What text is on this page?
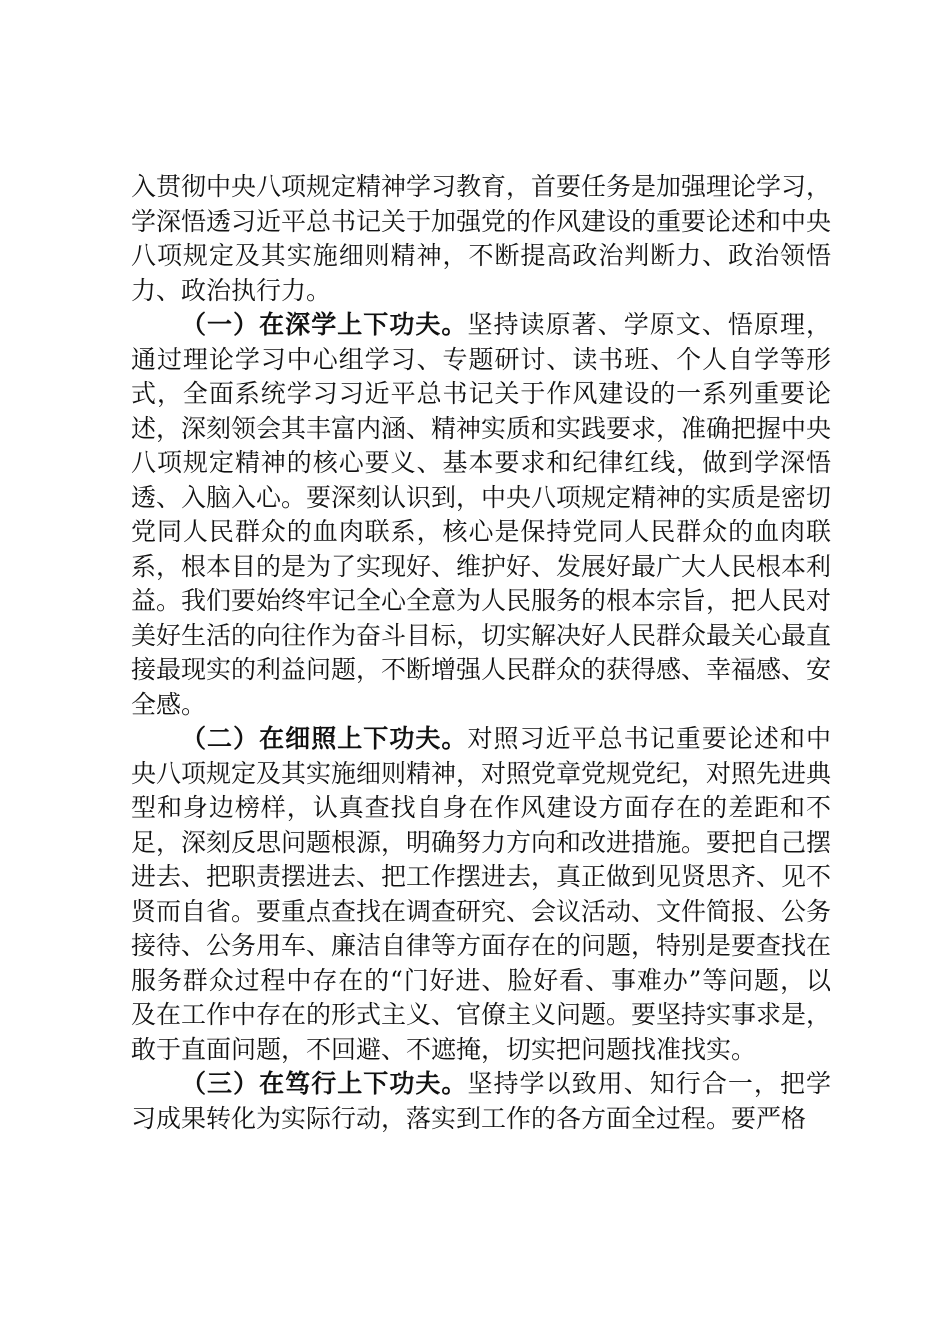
入贯彻中央八项规定精神学习教育，首要任务是加强理论学习，学深悟透习近平总书记关于加强党的作风建设的重要论述和中央八项规定及其实施细则精神，不断提高政治判断力、政治领悟力、政治执行力。

（一）在深学上下功夫。坚持读原著、学原文、悟原理，通过理论学习中心组学习、专题研讨、读书班、个人自学等形式，全面系统学习习近平总书记关于作风建设的一系列重要论述，深刻领会其丰富内涵、精神实质和实践要求，准确把握中央八项规定精神的核心要义、基本要求和纪律红线，做到学深悟透、入脑入心。要深刻认识到，中央八项规定精神的实质是密切党同人民群众的血肉联系，核心是保持党同人民群众的血肉联系，根本目的是为了实现好、维护好、发展好最广大人民根本利益。我们要始终牢记全心全意为人民服务的根本宗旨，把人民对美好生活的向往作为奋斗目标，切实解决好人民群众最关心最直接最现实的利益问题，不断增强人民群众的获得感、幸福感、安全感。

（二）在细照上下功夫。对照习近平总书记重要论述和中央八项规定及其实施细则精神，对照党章党规党纪，对照先进典型和身边榜样，认真查找自身在作风建设方面存在的差距和不足，深刻反思问题根源，明确努力方向和改进措施。要把自己摆进去、把职责摆进去、把工作摆进去，真正做到见贤思齐、见不贤而自省。要重点查找在调查研究、会议活动、文件简报、公务接待、公务用车、廉洁自律等方面存在的问题，特别是要查找在服务群众过程中存在的“门好进、脸好看、事难办”等问题，以及在工作中存在的形式主义、官僚主义问题。要坚持实事求是，敢于直面问题，不回避、不遮掩，切实把问题找准找实。

（三）在笃行上下功夫。坚持学以致用、知行合一，把学习成果转化为实际行动，落实到工作的各方面全过程。要严格
